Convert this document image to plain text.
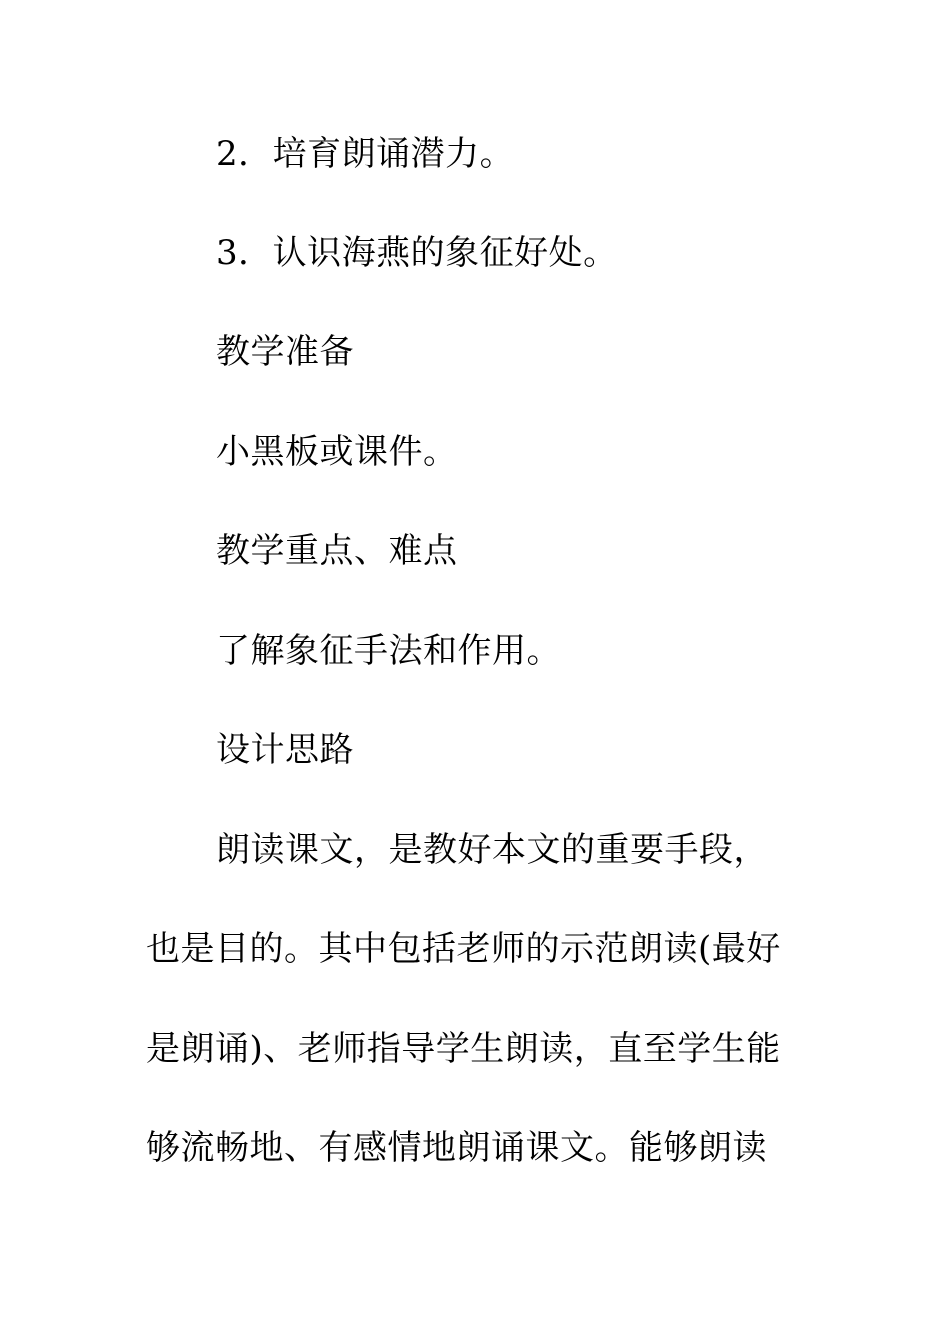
2．培育朗诵潜力。
3．认识海燕的象征好处。
教学准备
小黑板或课件。
教学重点、难点
了解象征手法和作用。
设计思路
朗读课文，是教好本文的重要手段，
也是目的。其中包括老师的示范朗读(最好
是朗诵)、老师指导学生朗读，直至学生能
够流畅地、有感情地朗诵课文。能够朗读
